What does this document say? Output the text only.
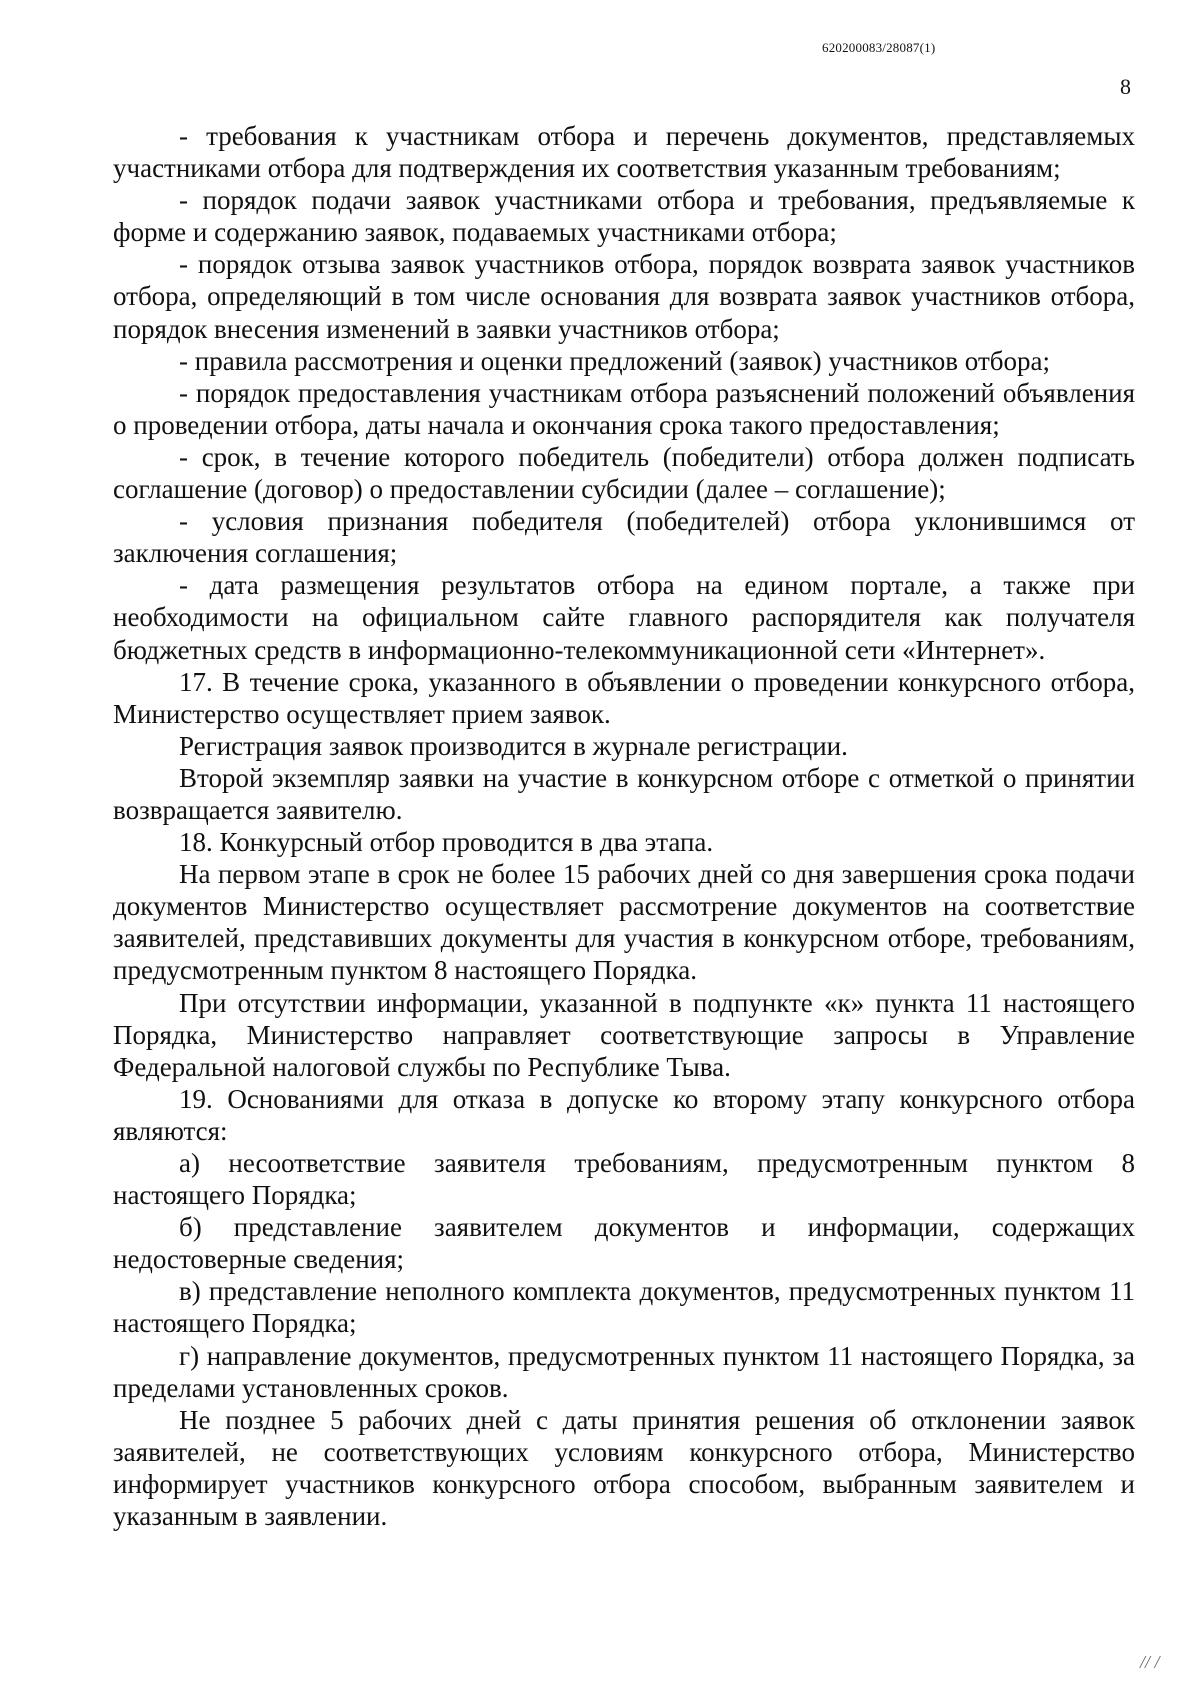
620200083/28087(1)
8

- требования к участникам отбора и перечень документов, представляемых участниками отбора для подтверждения их соответствия указанным требованиям;

- порядок подачи заявок участниками отбора и требования, предъявляемые к форме и содержанию заявок, подаваемых участниками отбора;

- порядок отзыва заявок участников отбора, порядок возврата заявок участников отбора, определяющий в том числе основания для возврата заявок участников отбора, порядок внесения изменений в заявки участников отбора;

- правила рассмотрения и оценки предложений (заявок) участников отбора;

- порядок предоставления участникам отбора разъяснений положений объявления о проведении отбора, даты начала и окончания срока такого предоставления;

- срок, в течение которого победитель (победители) отбора должен подписать соглашение (договор) о предоставлении субсидии (далее – соглашение);

- условия признания победителя (победителей) отбора уклонившимся от заключения соглашения;

- дата размещения результатов отбора на едином портале, а также при необходимости на официальном сайте главного распорядителя как получателя бюджетных средств в информационно-телекоммуникационной сети «Интернет».

17. В течение срока, указанного в объявлении о проведении конкурсного отбора, Министерство осуществляет прием заявок.

Регистрация заявок производится в журнале регистрации.

Второй экземпляр заявки на участие в конкурсном отборе с отметкой о принятии возвращается заявителю.

18. Конкурсный отбор проводится в два этапа.

На первом этапе в срок не более 15 рабочих дней со дня завершения срока подачи документов Министерство осуществляет рассмотрение документов на соответствие заявителей, представивших документы для участия в конкурсном отборе, требованиям, предусмотренным пунктом 8 настоящего Порядка.

При отсутствии информации, указанной в подпункте «к» пункта 11 настоящего Порядка, Министерство направляет соответствующие запросы в Управление Федеральной налоговой службы по Республике Тыва.

19. Основаниями для отказа в допуске ко второму этапу конкурсного отбора являются:

а) несоответствие заявителя требованиям, предусмотренным пунктом 8 настоящего Порядка;

б) представление заявителем документов и информации, содержащих недостоверные сведения;

в) представление неполного комплекта документов, предусмотренных пунктом 11 настоящего Порядка;

г) направление документов, предусмотренных пунктом 11 настоящего Порядка, за пределами установленных сроков.

Не позднее 5 рабочих дней с даты принятия решения об отклонении заявок заявителей, не соответствующих условиям конкурсного отбора, Министерство информирует участников конкурсного отбора способом, выбранным заявителем и указанным в заявлении.

// /
